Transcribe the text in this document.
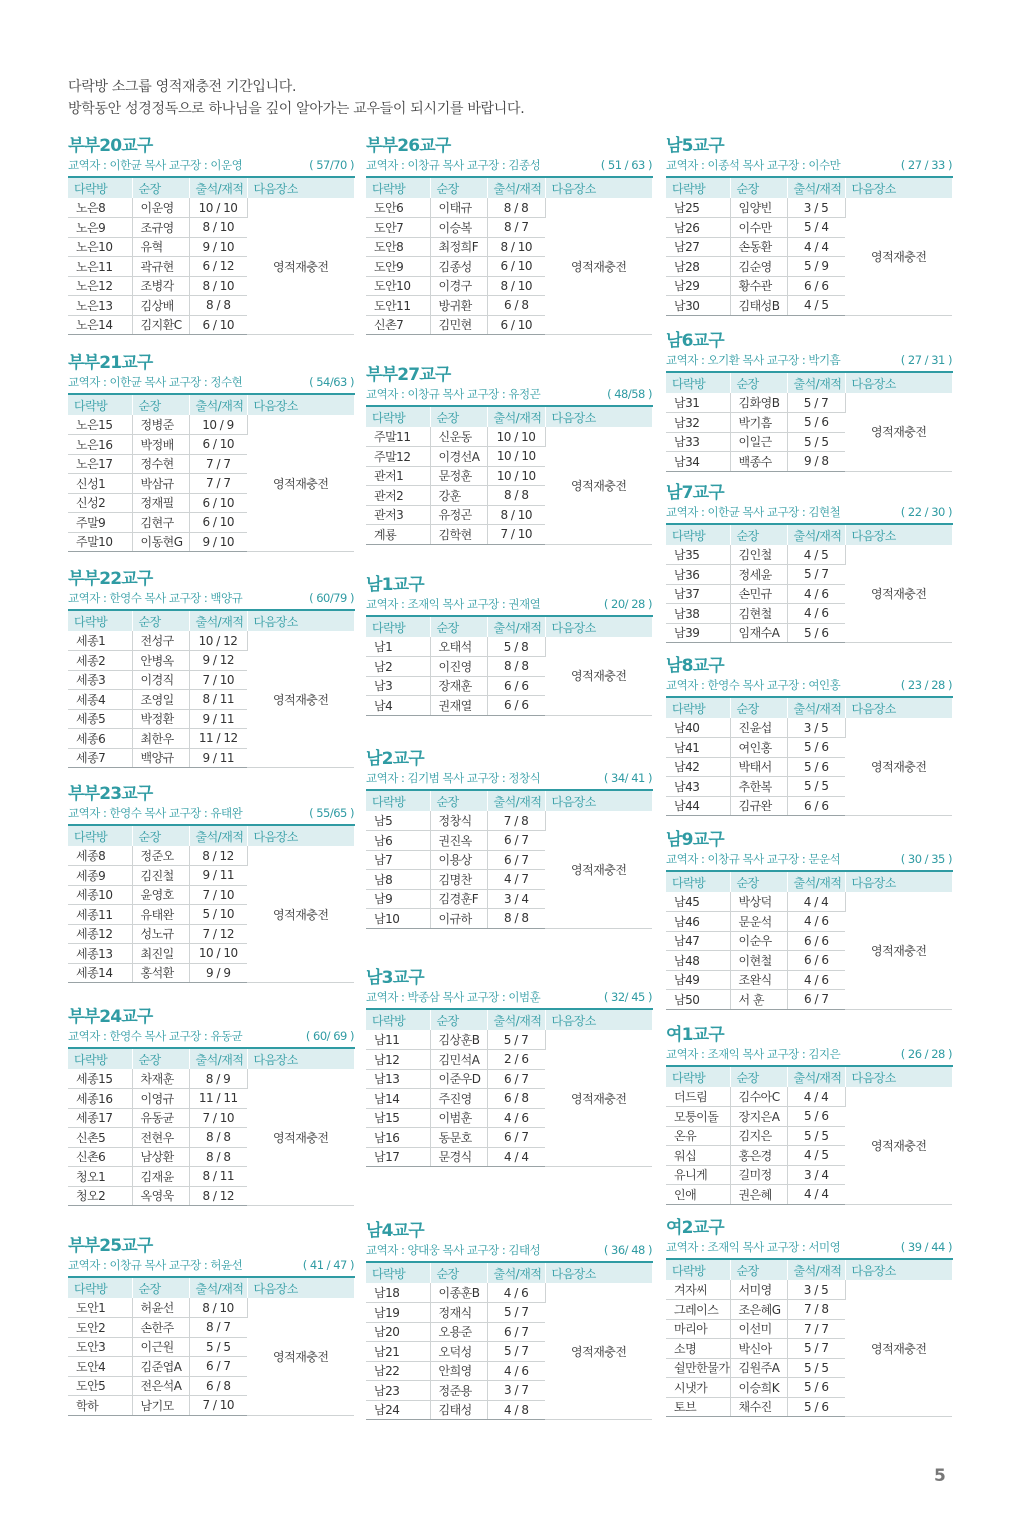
다락방 소그룹 영적재충전 기간입니다.
방학동안 성경정독으로 하나님을 깊이 알아가는 교우들이 되시기를 바랍니다.
부부20교구
교역자 : 이한균 목사 교구장 : 이운영	( 57/70 )
다락방	순장	출석/재적	다음장소
노은8	이운영	10 / 10	영적재충전
노은9	조규영	8 / 10	
노은10	유혁	9 / 10	
노은11	곽규현	6 / 12	
노은12	조병각	8 / 10	
노은13	김상배	8 / 8	
노은14	김지환C	6 / 10	
부부21교구
교역자 : 이한균 목사 교구장 : 정수현	( 54/63 )
다락방	순장	출석/재적	다음장소
노은15	정병준	10 / 9	영적재충전
노은16	박정배	6 / 10	
노은17	정수현	7 / 7	
신성1	박삼규	7 / 7	
신성2	정재필	6 / 10	
주말9	김현구	6 / 10	
주말10	이동현G	9 / 10	
부부22교구
교역자 : 한영수 목사 교구장 : 백양규	( 60/79 )
다락방	순장	출석/재적	다음장소
세종1	전성구	10 / 12	영적재충전
세종2	안병옥	9 / 12	
세종3	이경직	7 / 10	
세종4	조영일	8 / 11	
세종5	박정환	9 / 11	
세종6	최한우	11 / 12	
세종7	백양규	9 / 11	
부부23교구
교역자 : 한영수 목사 교구장 : 유태완	( 55/65 )
다락방	순장	출석/재적	다음장소
세종8	정준오	8 / 12	영적재충전
세종9	김진철	9 / 11	
세종10	윤영호	7 / 10	
세종11	유태완	5 / 10	
세종12	성노규	7 / 12	
세종13	최진일	10 / 10	
세종14	홍석환	9 / 9	
부부24교구
교역자 : 한영수 목사 교구장 : 유동균	( 60/ 69 )
다락방	순장	출석/재적	다음장소
세종15	차재훈	8 / 9	영적재충전
세종16	이영규	11 / 11	
세종17	유동균	7 / 10	
신촌5	전현우	8 / 8	
신촌6	남상환	8 / 8	
청오1	김재윤	8 / 11	
청오2	옥영욱	8 / 12	
부부25교구
교역자 : 이창규 목사 교구장 : 허윤선	( 41 / 47 )
다락방	순장	출석/재적	다음장소
도안1	허윤선	8 / 10	영적재충전
도안2	손한주	8 / 7	
도안3	이근원	5 / 5	
도안4	김준엽A	6 / 7	
도안5	전은석A	6 / 8	
학하	남기모	7 / 10	
부부26교구
교역자 : 이창규 목사 교구장 : 김종성	( 51 / 63 )
다락방	순장	출석/재적	다음장소
도안6	이태규	8 / 8	영적재충전
도안7	이승복	8 / 7	
도안8	최정희F	8 / 10	
도안9	김종성	6 / 10	
도안10	이경구	8 / 10	
도안11	방귀환	6 / 8	
신촌7	김민현	6 / 10	
부부27교구
교역자 : 이창규 목사 교구장 : 유정곤	( 48/58 )
다락방	순장	출석/재적	다음장소
주말11	신운동	10 / 10	영적재충전
주말12	이경선A	10 / 10	
관저1	문정훈	10 / 10	
관저2	강훈	8 / 8	
관저3	유정곤	8 / 10	
계룡	김학현	7 / 10	
남1교구
교역자 : 조재익 목사 교구장 : 권재열	( 20/ 28 )
다락방	순장	출석/재적	다음장소
남1	오태석	5 / 8	영적재충전
남2	이진영	8 / 8	
남3	장재훈	6 / 6	
남4	권재열	6 / 6	
남2교구
교역자 : 김기범 목사 교구장 : 정창식	( 34/ 41 )
다락방	순장	출석/재적	다음장소
남5	정창식	7 / 8	영적재충전
남6	권진옥	6 / 7	
남7	이용상	6 / 7	
남8	김명찬	4 / 7	
남9	김경훈F	3 / 4	
남10	이규하	8 / 8	
남3교구
교역자 : 박종삼 목사 교구장 : 이범훈	( 32/ 45 )
다락방	순장	출석/재적	다음장소
남11	김상훈B	5 / 7	영적재충전
남12	김민석A	2 / 6	
남13	이준우D	6 / 7	
남14	주진영	6 / 8	
남15	이범훈	4 / 6	
남16	동문호	6 / 7	
남17	문경식	4 / 4	
남4교구
교역자 : 양대웅 목사 교구장 : 김태성	( 36/ 48 )
다락방	순장	출석/재적	다음장소
남18	이종훈B	4 / 6	영적재충전
남19	정재식	5 / 7	
남20	오용준	6 / 7	
남21	오덕성	5 / 7	
남22	안희영	4 / 6	
남23	정준용	3 / 7	
남24	김태성	4 / 8	
남5교구
교역자 : 이종석 목사 교구장 : 이수만	( 27 / 33 )
다락방	순장	출석/재적	다음장소
남25	임양빈	3 / 5	영적재충전
남26	이수만	5 / 4	
남27	손동환	4 / 4	
남28	김순영	5 / 9	
남29	황수관	6 / 6	
남30	김태성B	4 / 5	
남6교구
교역자 : 오기환 목사 교구장 : 박기흠	( 27 / 31 )
다락방	순장	출석/재적	다음장소
남31	김화영B	5 / 7	영적재충전
남32	박기흠	5 / 6	
남33	이일근	5 / 5	
남34	백종수	9 / 8	
남7교구
교역자 : 이한균 목사 교구장 : 김현철	( 22 / 30 )
다락방	순장	출석/재적	다음장소
남35	김인철	4 / 5	영적재충전
남36	정세윤	5 / 7	
남37	손민규	4 / 6	
남38	김현철	4 / 6	
남39	임재수A	5 / 6	
남8교구
교역자 : 한영수 목사 교구장 : 여인홍	( 23 / 28 )
다락방	순장	출석/재적	다음장소
남40	진윤섭	3 / 5	영적재충전
남41	여인홍	5 / 6	
남42	박태서	5 / 6	
남43	추한복	5 / 5	
남44	김규완	6 / 6	
남9교구
교역자 : 이창규 목사 교구장 : 문운석	( 30 / 35 )
다락방	순장	출석/재적	다음장소
남45	박상덕	4 / 4	영적재충전
남46	문운석	4 / 6	
남47	이순우	6 / 6	
남48	이현철	6 / 6	
남49	조완식	4 / 6	
남50	서 훈	6 / 7	
여1교구
교역자 : 조재익 목사 교구장 : 김지은	( 26 / 28 )
다락방	순장	출석/재적	다음장소
더드림	김수아C	4 / 4	영적재충전
모퉁이돌	장지은A	5 / 6	
온유	김지은	5 / 5	
워십	홍은경	4 / 5	
유니게	길미정	3 / 4	
인애	권은혜	4 / 4	
여2교구
교역자 : 조재익 목사 교구장 : 서미영	( 39 / 44 )
다락방	순장	출석/재적	다음장소
겨자씨	서미영	3 / 5	영적재충전
그레이스	조은혜G	7 / 8	
마리아	이선미	7 / 7	
소명	박신아	5 / 7	
쉴만한물가	김원주A	5 / 5	
시냇가	이승희K	5 / 6	
토브	채수진	5 / 6	
5
